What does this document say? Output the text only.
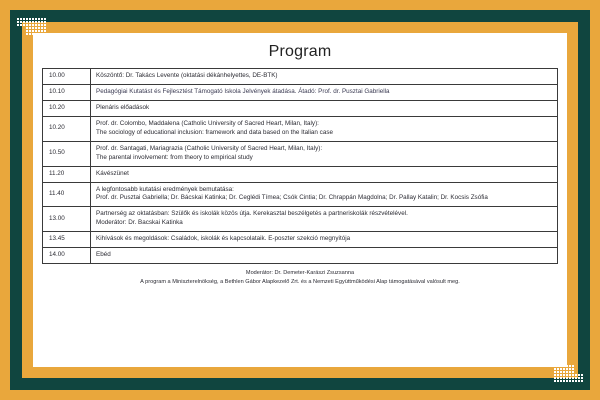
Program
10.00	Köszöntő: Dr. Takács Levente (oktatási dékánhelyettes, DE-BTK)

10.10	Pedagógiai Kutatást és Fejlesztést Támogató Iskola Jelvények átadása. Átadó: Prof. dr. Pusztai Gabriella

10.20	Plenáris előadások

10.20	Prof. dr. Colombo, Maddalena (Catholic University of Sacred Heart, Milan, Italy):
The sociology of educational inclusion: framework and data based on the Italian case

10.50	Prof. dr. Santagati, Mariagrazia (Catholic University of Sacred Heart, Milan, Italy):
The parental involvement: from theory to empirical study

11.20	Kávészünet

11.40	A legfontosabb kutatási eredmények bemutatása:
Prof. dr. Pusztai Gabriella; Dr. Bácskai Katinka; Dr. Ceglédi Tímea; Csók Cintia; Dr. Chrappán Magdolna; Dr. Pallay Katalin; Dr. Kocsis Zsófia

13.00	Partnerség az oktatásban: Szülők és iskolák közös útja. Kerekasztal beszélgetés a partneriskolák részvételével.
Moderátor: Dr. Bacskai Katinka

13.45	Kihívások és megoldások: Családok, iskolák és kapcsolataik. E-poszter szekció megnyitója

14.00	Ebéd
Moderátor: Dr. Demeter-Karászi Zsuzsanna
A program a Miniszterelnökség, a Bethlen Gábor Alapkezelő Zrt. és a Nemzeti Együttműködési Alap támogatásával valósult meg.
